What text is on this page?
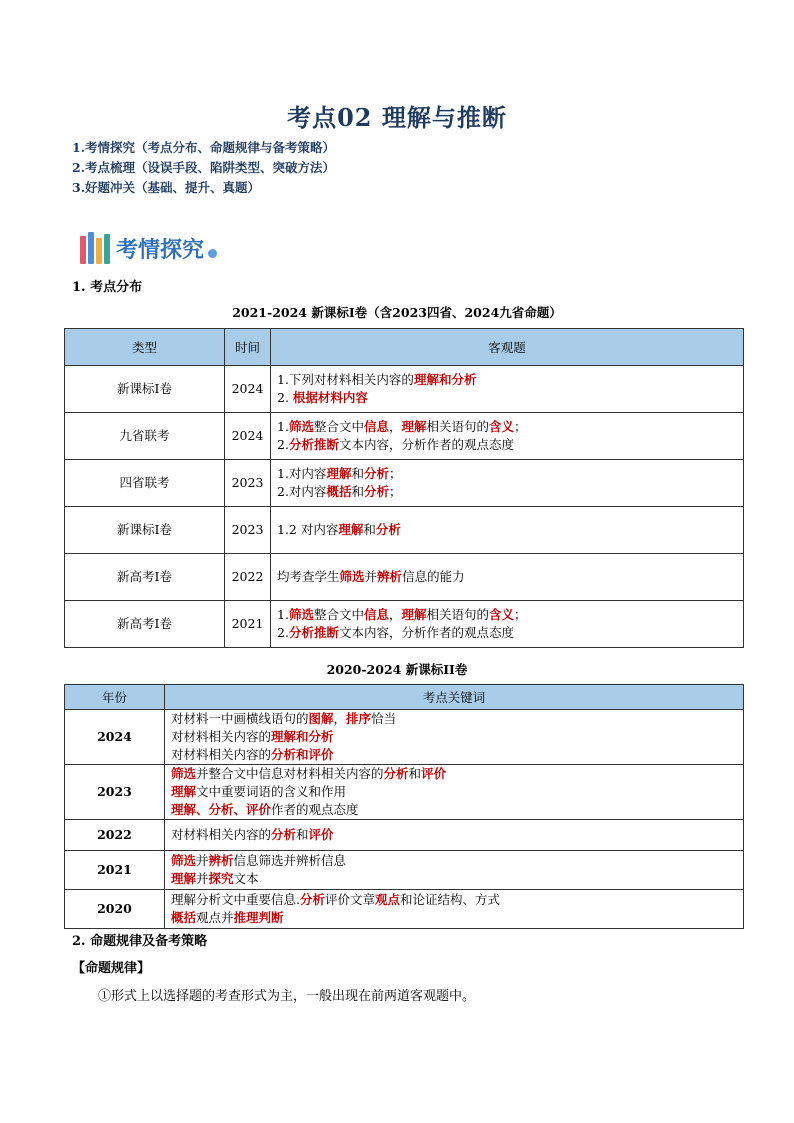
考点02 理解与推断
1.考情探究（考点分布、命题规律与备考策略）
2.考点梳理（设误手段、陷阱类型、突破方法）
3.好题冲关（基础、提升、真题）
考情探究
1. 考点分布
2021-2024 新课标Ⅰ卷（含2023四省、2024九省命题）
类型	时间	客观题
新课标Ⅰ卷	2024	1.下列对材料相关内容的理解和分析
2. 根据材料内容

九省联考	2024	1.筛选整合文中信息，理解相关语句的含义；
2.分析推断文本内容，分析作者的观点态度

四省联考	2023	1.对内容理解和分析；
2.对内容概括和分析；

新课标Ⅰ卷	2023	1.2 对内容理解和分析

新高考Ⅰ卷	2022	均考查学生筛选并辨析信息的能力

新高考Ⅰ卷	2021	1.筛选整合文中信息，理解相关语句的含义；
2.分析推断文本内容，分析作者的观点态度
2020-2024 新课标II卷
年份	考点关键词
2024	对材料一中画横线语句的图解，排序恰当
对材料相关内容的理解和分析
对材料相关内容的分析和评价

2023	筛选并整合文中信息对材料相关内容的分析和评价
理解文中重要词语的含义和作用
理解、分析、评价作者的观点态度

2022	对材料相关内容的分析和评价

2021	筛选并辨析信息筛选并辨析信息
理解并探究文本

2020	理解分析文中重要信息.分析评价文章观点和论证结构、方式
概括观点并推理判断
2. 命题规律及备考策略
【命题规律】
①形式上以选择题的考查形式为主，一般出现在前两道客观题中。
